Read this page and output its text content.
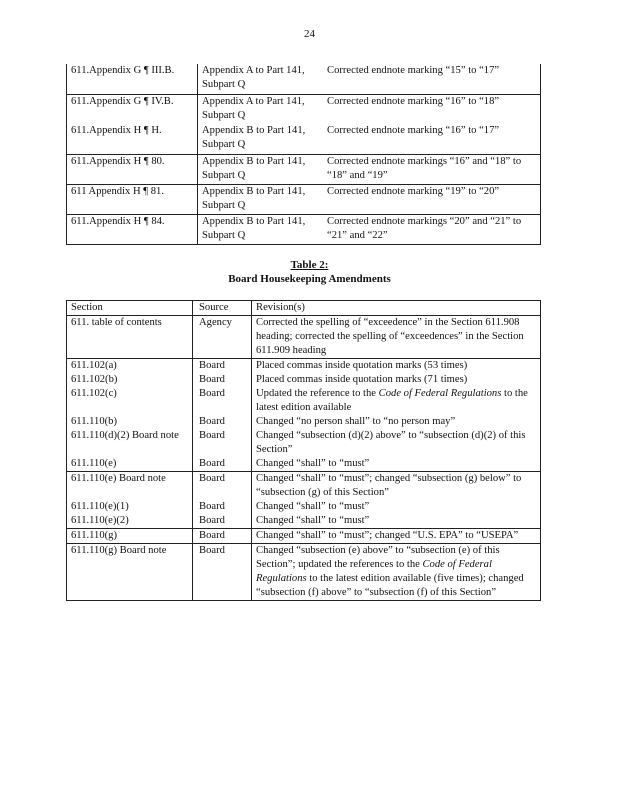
24
611.Appendix G ¶ III.B.	Appendix A to Part 141, Subpart Q	Corrected endnote marking “15” to “17”
611.Appendix G ¶ IV.B.	Appendix A to Part 141, Subpart Q	Corrected endnote marking “16” to “18”
611.Appendix H ¶ H.	Appendix B to Part 141, Subpart Q	Corrected endnote marking “16” to “17”
611.Appendix H ¶ 80.	Appendix B to Part 141, Subpart Q	Corrected endnote markings “16” and “18” to “18” and “19”
611 Appendix H ¶ 81.	Appendix B to Part 141, Subpart Q	Corrected endnote marking “19” to “20”
611.Appendix H ¶ 84.	Appendix B to Part 141, Subpart Q	Corrected endnote markings “20” and “21” to “21” and “22”
Table 2:
Board Housekeeping Amendments
Section	Source	Revision(s)
611. table of contents	Agency	Corrected the spelling of “exceedence” in the Section 611.908 heading; corrected the spelling of “exceedences” in the Section 611.909 heading
611.102(a)	Board	Placed commas inside quotation marks (53 times)
611.102(b)	Board	Placed commas inside quotation marks (71 times)
611.102(c)	Board	Updated the reference to the Code of Federal Regulations to the latest edition available
611.110(b)	Board	Changed “no person shall” to “no person may”
611.110(d)(2) Board note	Board	Changed “subsection (d)(2) above” to “subsection (d)(2) of this Section”
611.110(e)	Board	Changed “shall” to “must”
611.110(e) Board note	Board	Changed “shall” to “must”; changed “subsection (g) below” to “subsection (g) of this Section”
611.110(e)(1)	Board	Changed “shall” to “must”
611.110(e)(2)	Board	Changed “shall” to “must”
611.110(g)	Board	Changed “shall” to “must”; changed “U.S. EPA” to “USEPA”
611.110(g) Board note	Board	Changed “subsection (e) above” to “subsection (e) of this Section”; updated the references to the Code of Federal Regulations to the latest edition available (five times); changed “subsection (f) above” to “subsection (f) of this Section”
